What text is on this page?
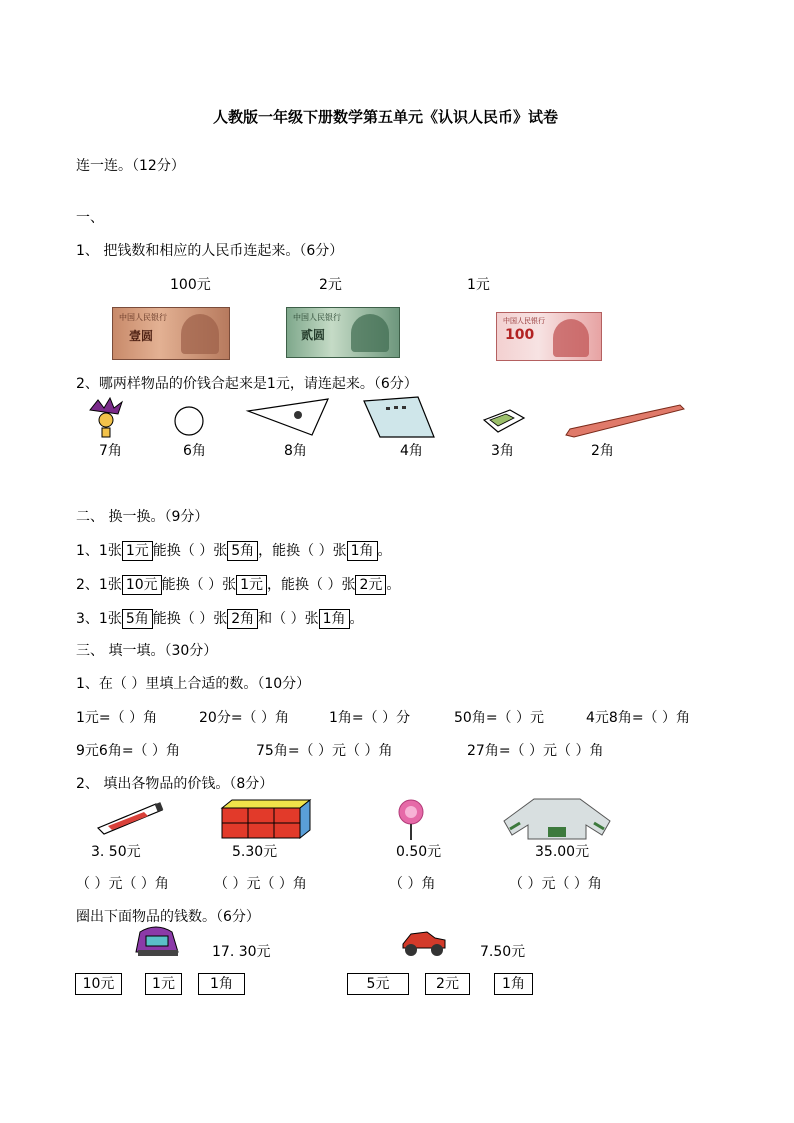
人教版一年级下册数学第五单元《认识人民币》试卷
连一连。（12分）
一、
1、 把钱数和相应的人民币连起来。（6分）
100元	2元	1元
中国人民银行
壹圆
中国人民银行
贰圆
中国人民银行
100
2、哪两样物品的价钱合起来是1元，请连起来。（6分）
7角	6角	8角	4角	3角	2角
二、 换一换。（9分）
1、1张 1元 能换（ ）张 5角 ，能换（ ）张 1角 。
2、1张 10元 能换（ ）张 1元 ，能换（ ）张 2元 。
3、1张 5角 能换（ ）张 2角 和（ ）张 1角 。
三、 填一填。（30分）
1、在（ ）里填上合适的数。（10分）
1元=（ ）角	20分=（ ）角	1角=（ ）分	50角=（ ）元	4元8角=（ ）角
9元6角=（ ）角	75角=（ ）元（ ）角	27角=（ ）元（ ）角
2、 填出各物品的价钱。（8分）
3. 50元	5.30元	0.50元	35.00元
（ ）元（ ）角	（ ）元（ ）角	（ ）角	（ ）元（ ）角
圈出下面物品的钱数。（6分）
17. 30元	7.50元
10元	1元	1角	5元	2元	1角
